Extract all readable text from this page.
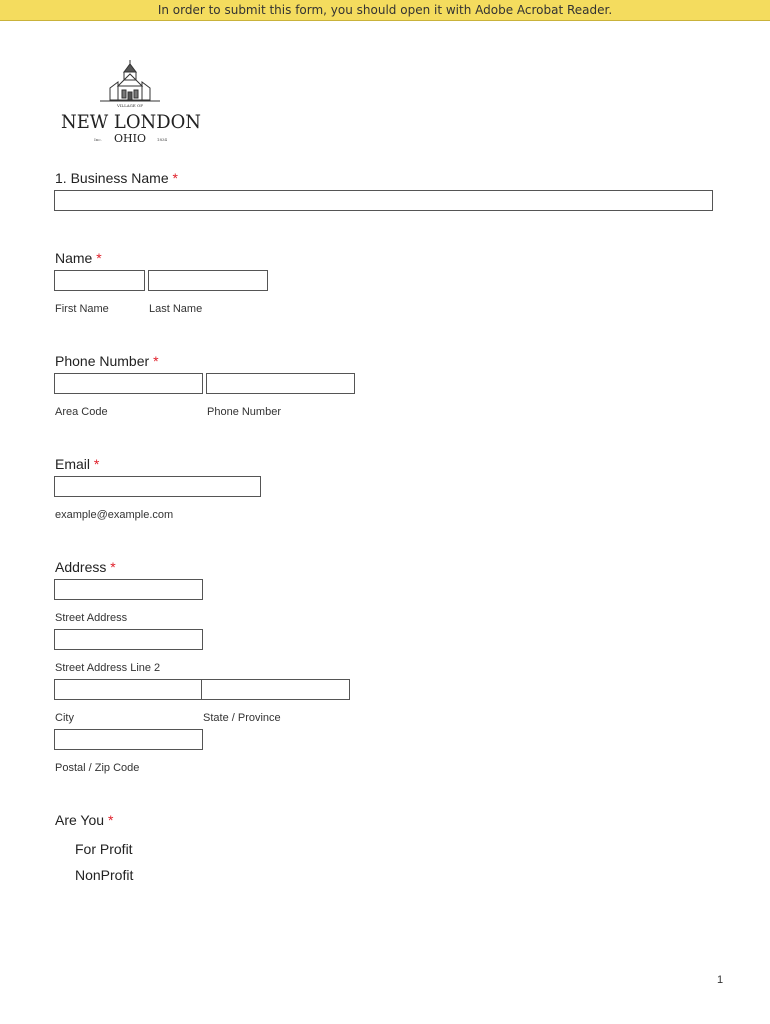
In order to submit this form, you should open it with Adobe Acrobat Reader.
VILLAGE OF
NEW LONDON
OHIO
Inc.	1834
1. Business Name *
Name *
First Name	Last Name
Phone Number *
Area Code	Phone Number
Email *
example@example.com
Address *
Street Address
Street Address Line 2
City	State / Province
Postal / Zip Code
Are You *
For Profit
NonProfit
1
